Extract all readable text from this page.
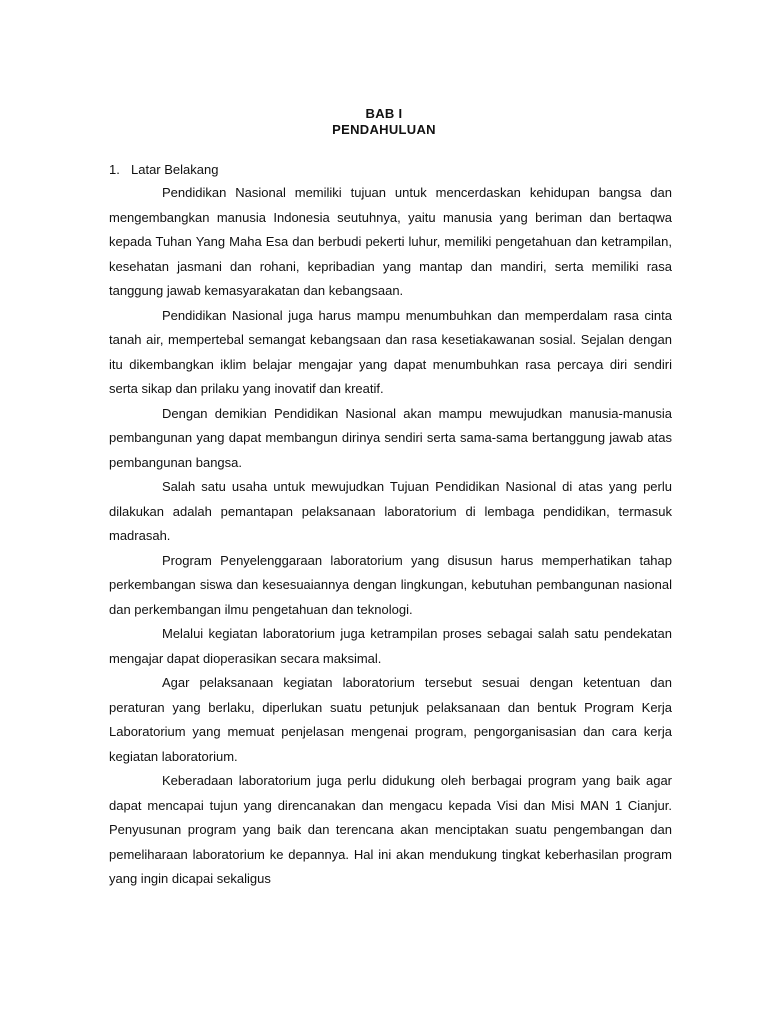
BAB I
PENDAHULUAN
1. Latar Belakang

Pendidikan Nasional memiliki tujuan untuk mencerdaskan kehidupan bangsa dan mengembangkan manusia Indonesia seutuhnya, yaitu manusia yang beriman dan bertaqwa kepada Tuhan Yang Maha Esa dan berbudi pekerti luhur, memiliki pengetahuan dan ketrampilan, kesehatan jasmani dan rohani, kepribadian yang mantap dan mandiri, serta memiliki rasa tanggung jawab kemasyarakatan dan kebangsaan.

Pendidikan Nasional juga harus mampu menumbuhkan dan memperdalam rasa cinta tanah air, mempertebal semangat kebangsaan dan rasa kesetiakawanan sosial. Sejalan dengan itu dikembangkan iklim belajar mengajar yang dapat menumbuhkan rasa percaya diri sendiri serta sikap dan prilaku yang inovatif dan kreatif.

Dengan demikian Pendidikan Nasional akan mampu mewujudkan manusia-manusia pembangunan yang dapat membangun dirinya sendiri serta sama-sama bertanggung jawab atas pembangunan bangsa.

Salah satu usaha untuk mewujudkan Tujuan Pendidikan Nasional di atas yang perlu dilakukan adalah pemantapan pelaksanaan laboratorium di lembaga pendidikan, termasuk madrasah.

Program Penyelenggaraan laboratorium yang disusun harus memperhatikan tahap perkembangan siswa dan kesesuaiannya dengan lingkungan, kebutuhan pembangunan nasional dan perkembangan ilmu pengetahuan dan teknologi.

Melalui kegiatan laboratorium juga ketrampilan proses sebagai salah satu pendekatan mengajar dapat dioperasikan secara maksimal.

Agar pelaksanaan kegiatan laboratorium tersebut sesuai dengan ketentuan dan peraturan yang berlaku, diperlukan suatu petunjuk pelaksanaan dan bentuk Program Kerja Laboratorium yang memuat penjelasan mengenai program, pengorganisasian dan cara kerja kegiatan laboratorium.

Keberadaan laboratorium juga perlu didukung oleh berbagai program yang baik agar dapat mencapai tujun yang direncanakan dan mengacu kepada Visi dan Misi MAN 1 Cianjur. Penyusunan program yang baik dan terencana akan menciptakan suatu pengembangan dan pemeliharaan laboratorium ke depannya. Hal ini akan mendukung tingkat keberhasilan program yang ingin dicapai sekaligus
